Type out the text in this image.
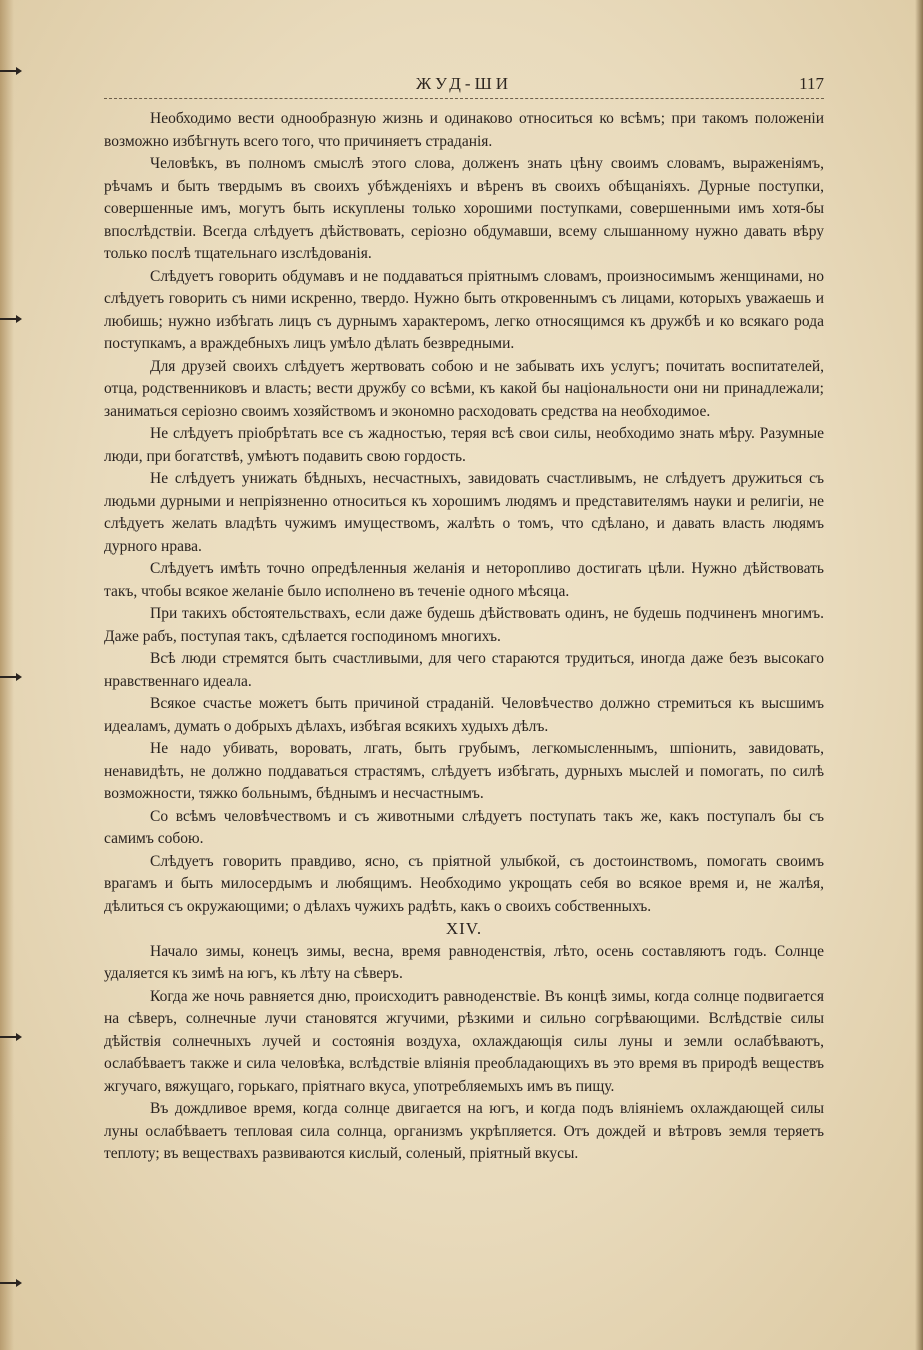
ЖУД-ШИ	117

Необходимо вести однообразную жизнь и одинаково относиться ко всѣмъ; при такомъ положенiи возможно избѣгнуть всего того, что причиняетъ страданiя.

Человѣкъ, въ полномъ смыслѣ этого слова, долженъ знать цѣну своимъ словамъ, выраженiямъ, рѣчамъ и быть твердымъ въ своихъ убѣжденiяхъ и вѣренъ въ своихъ обѣщанiяхъ. Дурные поступки, совершенные имъ, могутъ быть искуплены только хорошими поступками, совершенными имъ хотя-бы впослѣдствiи. Всегда слѣдуетъ дѣйствовать, серiозно обдумавши, всему слышанному нужно давать вѣру только послѣ тщательнаго изслѣдованiя.

Слѣдуетъ говорить обдумавъ и не поддаваться прiятнымъ словамъ, произносимымъ женщинами, но слѣдуетъ говорить съ ними искренно, твердо. Нужно быть откровеннымъ съ лицами, которыхъ уважаешь и любишь; нужно избѣгать лицъ съ дурнымъ характеромъ, легко относящимся къ дружбѣ и ко всякаго рода поступкамъ, а враждебныхъ лицъ умѣло дѣлать безвредными.

Для друзей своихъ слѣдуетъ жертвовать собою и не забывать ихъ услугъ; почитать воспитателей, отца, родственниковъ и власть; вести дружбу со всѣми, къ какой бы нацiональности они ни принадлежали; заниматься серiозно своимъ хозяйствомъ и экономно расходовать средства на необходимое.

Не слѣдуетъ прiобрѣтать все съ жадностью, теряя всѣ свои силы, необходимо знать мѣру. Разумные люди, при богатствѣ, умѣютъ подавить свою гордость.

Не слѣдуетъ унижать бѣдныхъ, несчастныхъ, завидовать счастливымъ, не слѣдуетъ дружиться съ людьми дурными и непрiязненно относиться къ хорошимъ людямъ и представителямъ науки и религiи, не слѣдуетъ желать владѣть чужимъ имуществомъ, жалѣть о томъ, что сдѣлано, и давать власть людямъ дурного нрава.

Слѣдуетъ имѣть точно опредѣленныя желанiя и неторопливо достигать цѣли. Нужно дѣйствовать такъ, чтобы всякое желанiе было исполнено въ теченiе одного мѣсяца.

При такихъ обстоятельствахъ, если даже будешь дѣйствовать одинъ, не будешь подчиненъ многимъ. Даже рабъ, поступая такъ, сдѣлается господиномъ многихъ.

Всѣ люди стремятся быть счастливыми, для чего стараются трудиться, иногда даже безъ высокаго нравственнаго идеала.

Всякое счастье можетъ быть причиной страданiй. Человѣчество должно стремиться къ высшимъ идеаламъ, думать о добрыхъ дѣлахъ, избѣгая всякихъ худыхъ дѣлъ.

Не надо убивать, воровать, лгать, быть грубымъ, легкомысленнымъ, шпiонить, завидовать, ненавидѣть, не должно поддаваться страстямъ, слѣдуетъ избѣгать, дурныхъ мыслей и помогать, по силѣ возможности, тяжко больнымъ, бѣднымъ и несчастнымъ.

Со всѣмъ человѣчествомъ и съ животными слѣдуетъ поступать такъ же, какъ поступалъ бы съ самимъ собою.

Слѣдуетъ говорить правдиво, ясно, съ прiятной улыбкой, съ достоинствомъ, помогать своимъ врагамъ и быть милосердымъ и любящимъ. Необходимо укрощать себя во всякое время и, не жалѣя, дѣлиться съ окружающими; о дѣлахъ чужихъ радѣть, какъ о своихъ собственныхъ.

XIV.

Начало зимы, конецъ зимы, весна, время равноденствiя, лѣто, осень составляютъ годъ. Солнце удаляется къ зимѣ на югъ, къ лѣту на сѣверъ.

Когда же ночь равняется дню, происходитъ равноденствiе. Въ концѣ зимы, когда солнце подвигается на сѣверъ, солнечные лучи становятся жгучими, рѣзкими и сильно согрѣвающими. Вслѣдствiе силы дѣйствiя солнечныхъ лучей и состоянiя воздуха, охлаждающiя силы луны и земли ослабѣваютъ, ослабѣваетъ также и сила человѣка, вслѣдствiе влiянiя преобладающихъ въ это время въ природѣ веществъ жгучаго, вяжущаго, горькаго, прiятнаго вкуса, употребляемыхъ имъ въ пищу.

Въ дождливое время, когда солнце двигается на югъ, и когда подъ влiянiемъ охлаждающей силы луны ослабѣваетъ тепловая сила солнца, организмъ укрѣпляется. Отъ дождей и вѣтровъ земля теряетъ теплоту; въ веществахъ развиваются кислый, соленый, прiятный вкусы.
